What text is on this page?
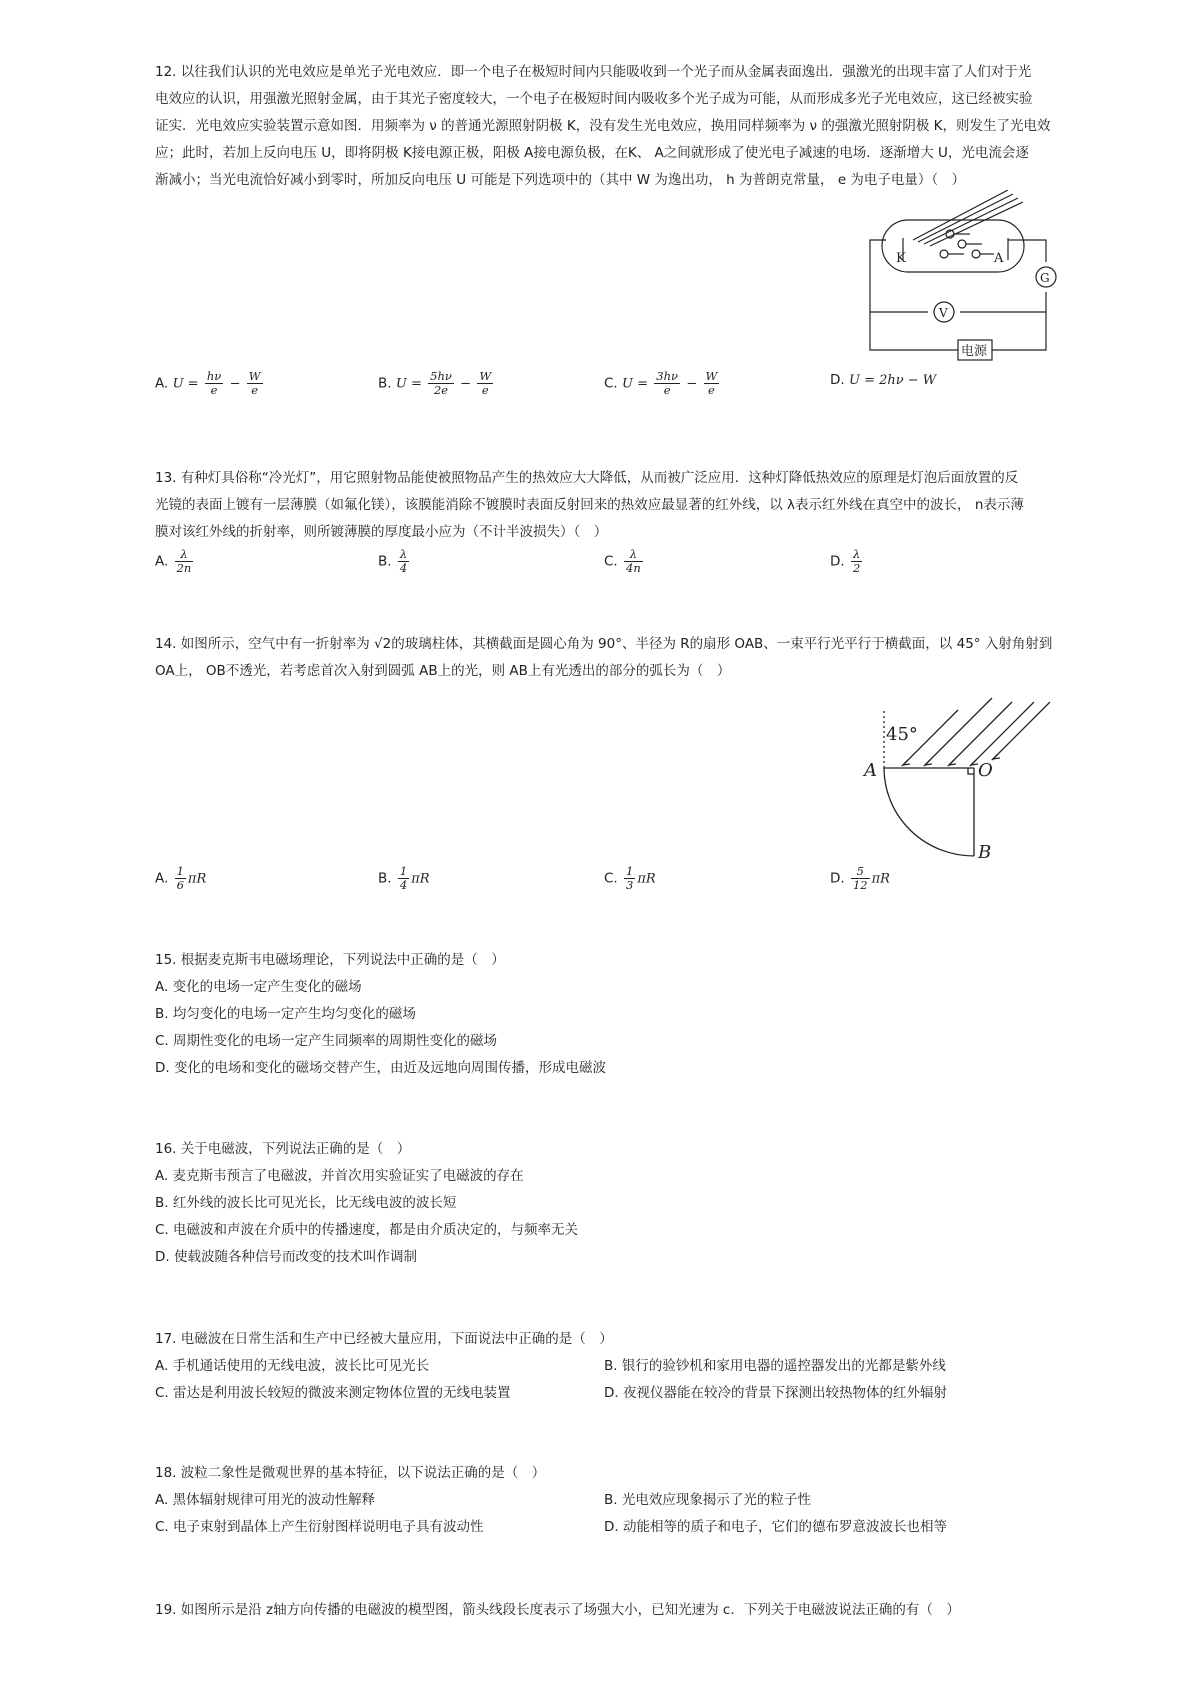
12. 以往我们认识的光电效应是单光子光电效应．即一个电子在极短时间内只能吸收到一个光子而从金属表面逸出．强激光的出现丰富了人们对于光
电效应的认识，用强激光照射金属，由于其光子密度较大，一个电子在极短时间内吸收多个光子成为可能，从而形成多光子光电效应，这已经被实验
证实．光电效应实验装置示意如图．用频率为 ν 的普通光源照射阴极 K，没有发生光电效应，换用同样频率为 ν 的强激光照射阴极 K，则发生了光电效
应；此时，若加上反向电压 U，即将阴极 K接电源正极，阳极 A接电源负极，在K、 A之间就形成了使光电子减速的电场．逐渐增大 U，光电流会逐
渐减小；当光电流恰好减小到零时，所加反向电压 U 可能是下列选项中的（其中 W 为逸出功， h 为普朗克常量， e 为电子电量）（　）
K	A
G
V
电源
A. $U = \frac{h\nu}{e} - \frac{W}{e}$	B. $U = \frac{5h\nu}{2e} - \frac{W}{e}$	C. $U = \frac{3h\nu}{e} - \frac{W}{e}$	D. U = 2hν − W
13. 有种灯具俗称“冷光灯”，用它照射物品能使被照物品产生的热效应大大降低，从而被广泛应用．这种灯降低热效应的原理是灯泡后面放置的反
光镜的表面上镀有一层薄膜（如氟化镁），该膜能消除不镀膜时表面反射回来的热效应最显著的红外线，以 λ表示红外线在真空中的波长， n表示薄
膜对该红外线的折射率，则所镀薄膜的厚度最小应为（不计半波损失）（　）
A. $\frac{\lambda}{2n}$	B. $\frac{\lambda}{4}$	C. $\frac{\lambda}{4n}$	D. $\frac{\lambda}{2}$
14. 如图所示，空气中有一折射率为 √2的玻璃柱体，其横截面是圆心角为 90°、半径为 R的扇形 OAB、一束平行光平行于横截面，以 45° 入射角射到
OA上， OB不透光，若考虑首次入射到圆弧 AB上的光，则 AB上有光透出的部分的弧长为（　）
45°
A	O
B
A. $\frac{1}{6}$ πR	B. $\frac{1}{4}$ πR	C. $\frac{1}{3}$ πR	D. $\frac{5}{12}$ πR
15. 根据麦克斯韦电磁场理论，下列说法中正确的是（　）
A. 变化的电场一定产生变化的磁场
B. 均匀变化的电场一定产生均匀变化的磁场
C. 周期性变化的电场一定产生同频率的周期性变化的磁场
D. 变化的电场和变化的磁场交替产生，由近及远地向周围传播，形成电磁波
16. 关于电磁波，下列说法正确的是（　）
A. 麦克斯韦预言了电磁波，并首次用实验证实了电磁波的存在
B. 红外线的波长比可见光长，比无线电波的波长短
C. 电磁波和声波在介质中的传播速度，都是由介质决定的，与频率无关
D. 使载波随各种信号而改变的技术叫作调制
17. 电磁波在日常生活和生产中已经被大量应用，下面说法中正确的是（　）
A. 手机通话使用的无线电波，波长比可见光长	B. 银行的验钞机和家用电器的遥控器发出的光都是紫外线
C. 雷达是利用波长较短的微波来测定物体位置的无线电装置	D. 夜视仪器能在较冷的背景下探测出较热物体的红外辐射
18. 波粒二象性是微观世界的基本特征，以下说法正确的是（　）
A. 黑体辐射规律可用光的波动性解释	B. 光电效应现象揭示了光的粒子性
C. 电子束射到晶体上产生衍射图样说明电子具有波动性	D. 动能相等的质子和电子，它们的德布罗意波波长也相等
19. 如图所示是沿 z轴方向传播的电磁波的模型图，箭头线段长度表示了场强大小，已知光速为 c．下列关于电磁波说法正确的有（　）
